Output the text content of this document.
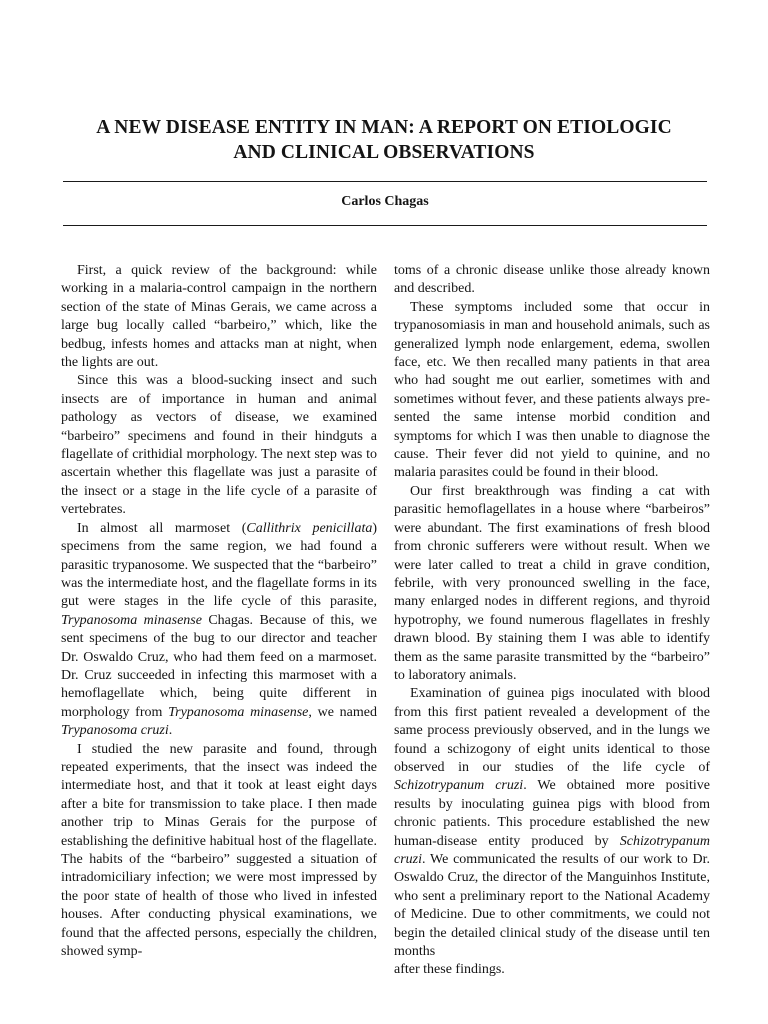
A NEW DISEASE ENTITY IN MAN: A REPORT ON ETIOLOGIC
AND CLINICAL OBSERVATIONS
Carlos Chagas

First, a quick review of the background: while working in a malaria-control campaign in the northern section of the state of Minas Gerais, we came across a large bug locally called “barbeiro,” which, like the bedbug, infests homes and attacks man at night, when the lights are out.

Since this was a blood-sucking insect and such insects are of importance in human and animal pathology as vectors of disease, we examined “barbeiro” specimens and found in their hindguts a flagellate of crithidial morphology. The next step was to ascertain whether this flagellate was just a parasite of the insect or a stage in the life cycle of a parasite of vertebrates.

In almost all marmoset (Callithrix penicillata) specimens from the same region, we had found a parasitic trypanosome. We suspected that the “barbeiro” was the intermediate host, and the flagellate forms in its gut were stages in the life cycle of this parasite, Trypanosoma minasense Chagas. Because of this, we sent specimens of the bug to our director and teacher Dr. Oswaldo Cruz, who had them feed on a marmoset. Dr. Cruz succeeded in infecting this marmoset with a hemoflagellate which, being quite different in morphology from Trypanosoma minasense, we named Trypanosoma cruzi.

I studied the new parasite and found, through repeated experiments, that the insect was indeed the intermediate host, and that it took at least eight days after a bite for transmission to take place. I then made another trip to Minas Gerais for the purpose of establishing the definitive habitual host of the flagellate. The habits of the “barbeiro” suggested a situation of intradomiciliary infection; we were most impressed by the poor state of health of those who lived in infested houses. After conducting physical examinations, we found that the affected persons, especially the children, showed symp-

toms of a chronic disease unlike those already known and described.

These symptoms included some that occur in trypanosomiasis in man and household animals, such as generalized lymph node enlargement, edema, swollen face, etc. We then recalled many patients in that area who had sought me out earlier, sometimes with and sometimes without fever, and these patients always presented the same intense morbid condition and symptoms for which I was then unable to diagnose the cause. Their fever did not yield to quinine, and no malaria parasites could be found in their blood.

Our first breakthrough was finding a cat with parasitic hemoflagellates in a house where “barbeiros” were abundant. The first examinations of fresh blood from chronic sufferers were without result. When we were later called to treat a child in grave condition, febrile, with very pronounced swelling in the face, many enlarged nodes in different regions, and thyroid hypotrophy, we found numerous flagellates in freshly drawn blood. By staining them I was able to identify them as the same parasite transmitted by the “barbeiro” to laboratory animals.

Examination of guinea pigs inoculated with blood from this first patient revealed a development of the same process previously observed, and in the lungs we found a schizogony of eight units identical to those observed in our studies of the life cycle of Schizotrypanum cruzi. We obtained more positive results by inoculating guinea pigs with blood from chronic patients. This procedure established the new human-disease entity produced by Schizotrypanum cruzi. We communicated the results of our work to Dr. Oswaldo Cruz, the director of the Manguinhos Institute, who sent a preliminary report to the National Academy of Medicine. Due to other commitments, we could not begin the detailed clinical study of the disease until ten months

after these findings.
